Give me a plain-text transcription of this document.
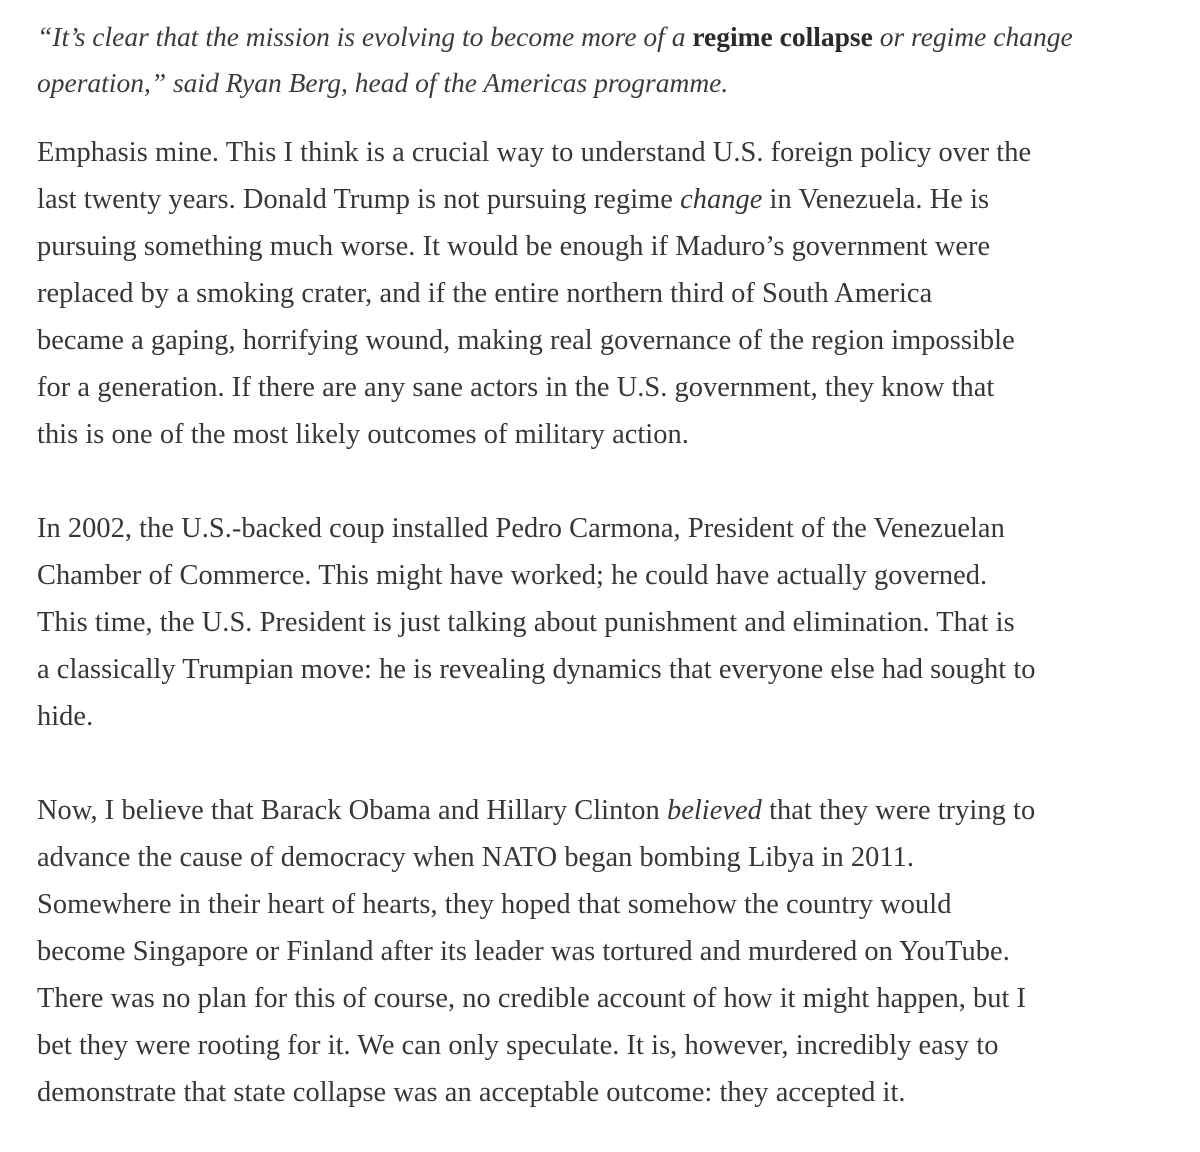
“It’s clear that the mission is evolving to become more of a regime collapse or regime change
operation,” said Ryan Berg, head of the Americas programme.

Emphasis mine. This I think is a crucial way to understand U.S. foreign policy over the
last twenty years. Donald Trump is not pursuing regime change in Venezuela. He is
pursuing something much worse. It would be enough if Maduro’s government were
replaced by a smoking crater, and if the entire northern third of South America
became a gaping, horrifying wound, making real governance of the region impossible
for a generation. If there are any sane actors in the U.S. government, they know that
this is one of the most likely outcomes of military action.

In 2002, the U.S.-backed coup installed Pedro Carmona, President of the Venezuelan
Chamber of Commerce. This might have worked; he could have actually governed.
This time, the U.S. President is just talking about punishment and elimination. That is
a classically Trumpian move: he is revealing dynamics that everyone else had sought to
hide.

Now, I believe that Barack Obama and Hillary Clinton believed that they were trying to
advance the cause of democracy when NATO began bombing Libya in 2011.
Somewhere in their heart of hearts, they hoped that somehow the country would
become Singapore or Finland after its leader was tortured and murdered on YouTube.
There was no plan for this of course, no credible account of how it might happen, but I
bet they were rooting for it. We can only speculate. It is, however, incredibly easy to
demonstrate that state collapse was an acceptable outcome: they accepted it.
